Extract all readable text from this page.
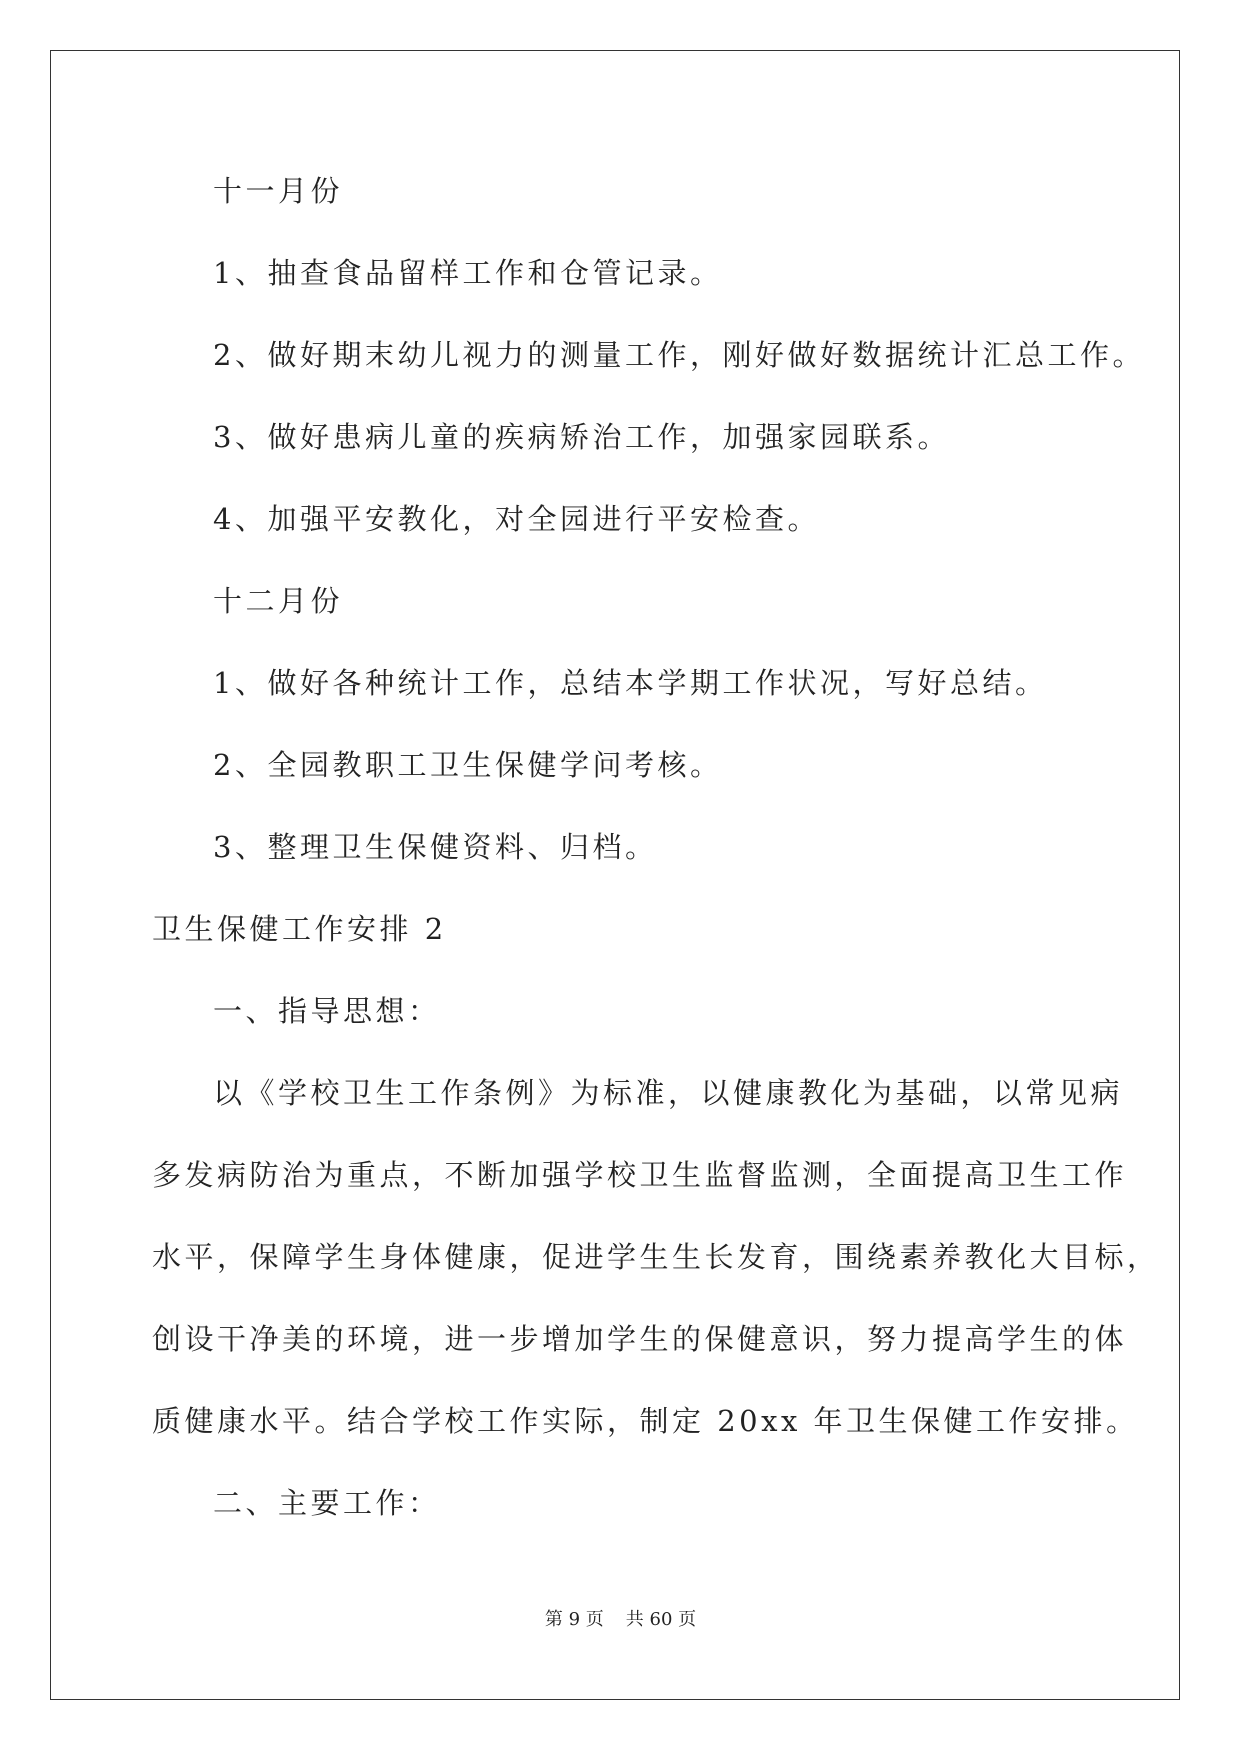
十一月份
1、抽查食品留样工作和仓管记录。
2、做好期末幼儿视力的测量工作，刚好做好数据统计汇总工作。
3、做好患病儿童的疾病矫治工作，加强家园联系。
4、加强平安教化，对全园进行平安检查。
十二月份
1、做好各种统计工作，总结本学期工作状况，写好总结。
2、全园教职工卫生保健学问考核。
3、整理卫生保健资料、归档。
卫生保健工作安排 2
一、指导思想：
以《学校卫生工作条例》为标准，以健康教化为基础，以常见病
多发病防治为重点，不断加强学校卫生监督监测，全面提高卫生工作
水平，保障学生身体健康，促进学生生长发育，围绕素养教化大目标，
创设干净美的环境，进一步增加学生的保健意识，努力提高学生的体
质健康水平。结合学校工作实际，制定 20xx 年卫生保健工作安排。
二、主要工作：
第 9 页 共 60 页
